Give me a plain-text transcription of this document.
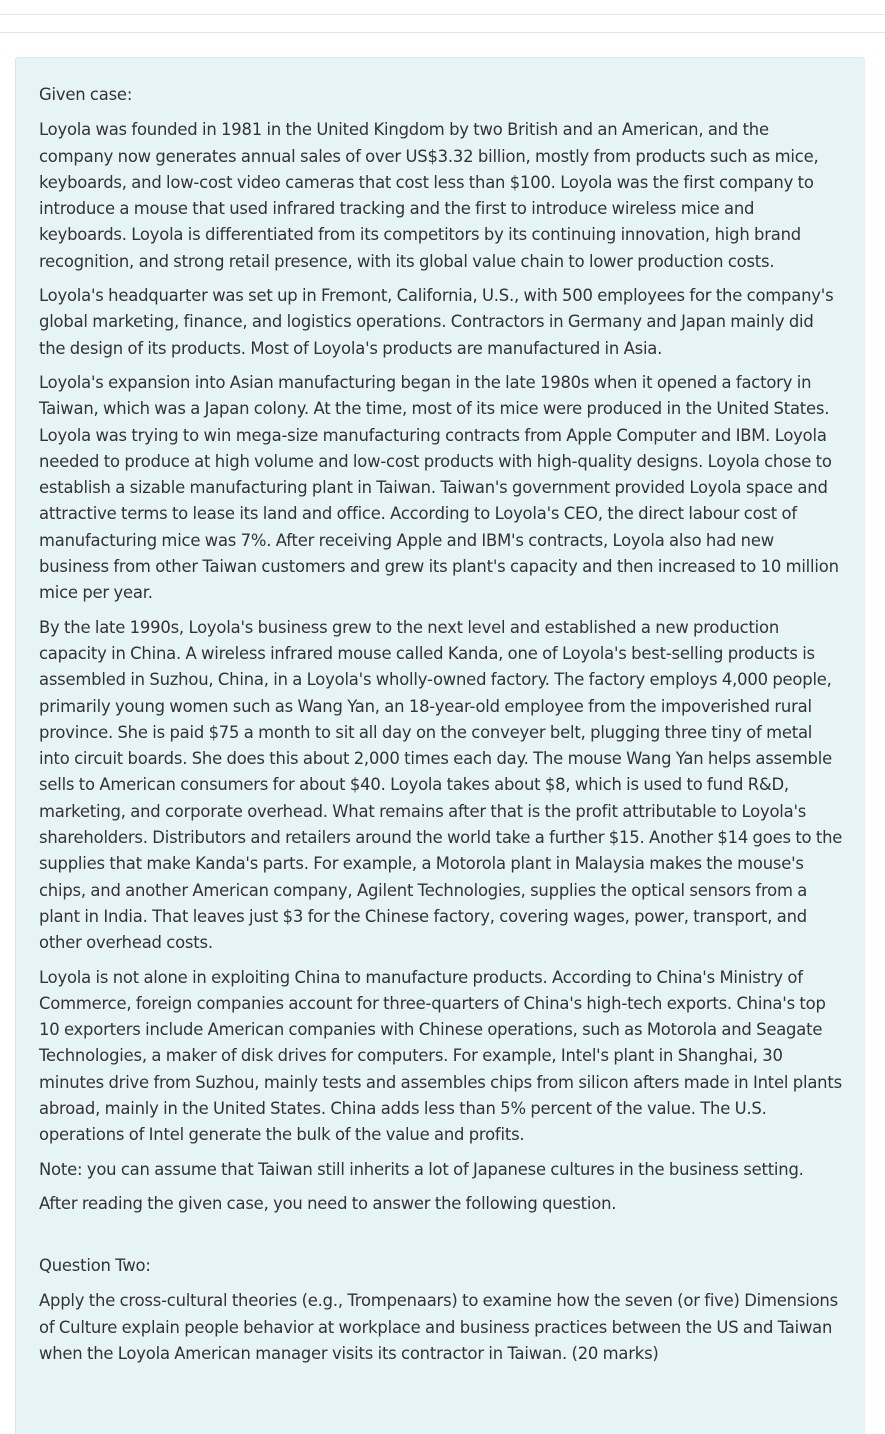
Given case:

Loyola was founded in 1981 in the United Kingdom by two British and an American, and the company now generates annual sales of over US$3.32 billion, mostly from products such as mice, keyboards, and low-cost video cameras that cost less than $100. Loyola was the first company to introduce a mouse that used infrared tracking and the first to introduce wireless mice and keyboards. Loyola is differentiated from its competitors by its continuing innovation, high brand recognition, and strong retail presence, with its global value chain to lower production costs.

Loyola's headquarter was set up in Fremont, California, U.S., with 500 employees for the company's global marketing, finance, and logistics operations. Contractors in Germany and Japan mainly did the design of its products. Most of Loyola's products are manufactured in Asia.

Loyola's expansion into Asian manufacturing began in the late 1980s when it opened a factory in Taiwan, which was a Japan colony. At the time, most of its mice were produced in the United States. Loyola was trying to win mega-size manufacturing contracts from Apple Computer and IBM. Loyola needed to produce at high volume and low-cost products with high-quality designs. Loyola chose to establish a sizable manufacturing plant in Taiwan. Taiwan's government provided Loyola space and attractive terms to lease its land and office. According to Loyola's CEO, the direct labour cost of manufacturing mice was 7%. After receiving Apple and IBM's contracts, Loyola also had new business from other Taiwan customers and grew its plant's capacity and then increased to 10 million mice per year.

By the late 1990s, Loyola's business grew to the next level and established a new production capacity in China. A wireless infrared mouse called Kanda, one of Loyola's best-selling products is assembled in Suzhou, China, in a Loyola's wholly-owned factory. The factory employs 4,000 people, primarily young women such as Wang Yan, an 18-year-old employee from the impoverished rural province. She is paid $75 a month to sit all day on the conveyer belt, plugging three tiny of metal into circuit boards. She does this about 2,000 times each day. The mouse Wang Yan helps assemble sells to American consumers for about $40. Loyola takes about $8, which is used to fund R&D, marketing, and corporate overhead. What remains after that is the profit attributable to Loyola's shareholders. Distributors and retailers around the world take a further $15. Another $14 goes to the supplies that make Kanda's parts. For example, a Motorola plant in Malaysia makes the mouse's chips, and another American company, Agilent Technologies, supplies the optical sensors from a plant in India. That leaves just $3 for the Chinese factory, covering wages, power, transport, and other overhead costs.

Loyola is not alone in exploiting China to manufacture products. According to China's Ministry of Commerce, foreign companies account for three-quarters of China's high-tech exports. China's top 10 exporters include American companies with Chinese operations, such as Motorola and Seagate Technologies, a maker of disk drives for computers. For example, Intel's plant in Shanghai, 30 minutes drive from Suzhou, mainly tests and assembles chips from silicon afters made in Intel plants abroad, mainly in the United States. China adds less than 5% percent of the value. The U.S. operations of Intel generate the bulk of the value and profits.

Note: you can assume that Taiwan still inherits a lot of Japanese cultures in the business setting.

After reading the given case, you need to answer the following question.

Question Two:

Apply the cross-cultural theories (e.g., Trompenaars) to examine how the seven (or five) Dimensions of Culture explain people behavior at workplace and business practices between the US and Taiwan when the Loyola American manager visits its contractor in Taiwan. (20 marks)
